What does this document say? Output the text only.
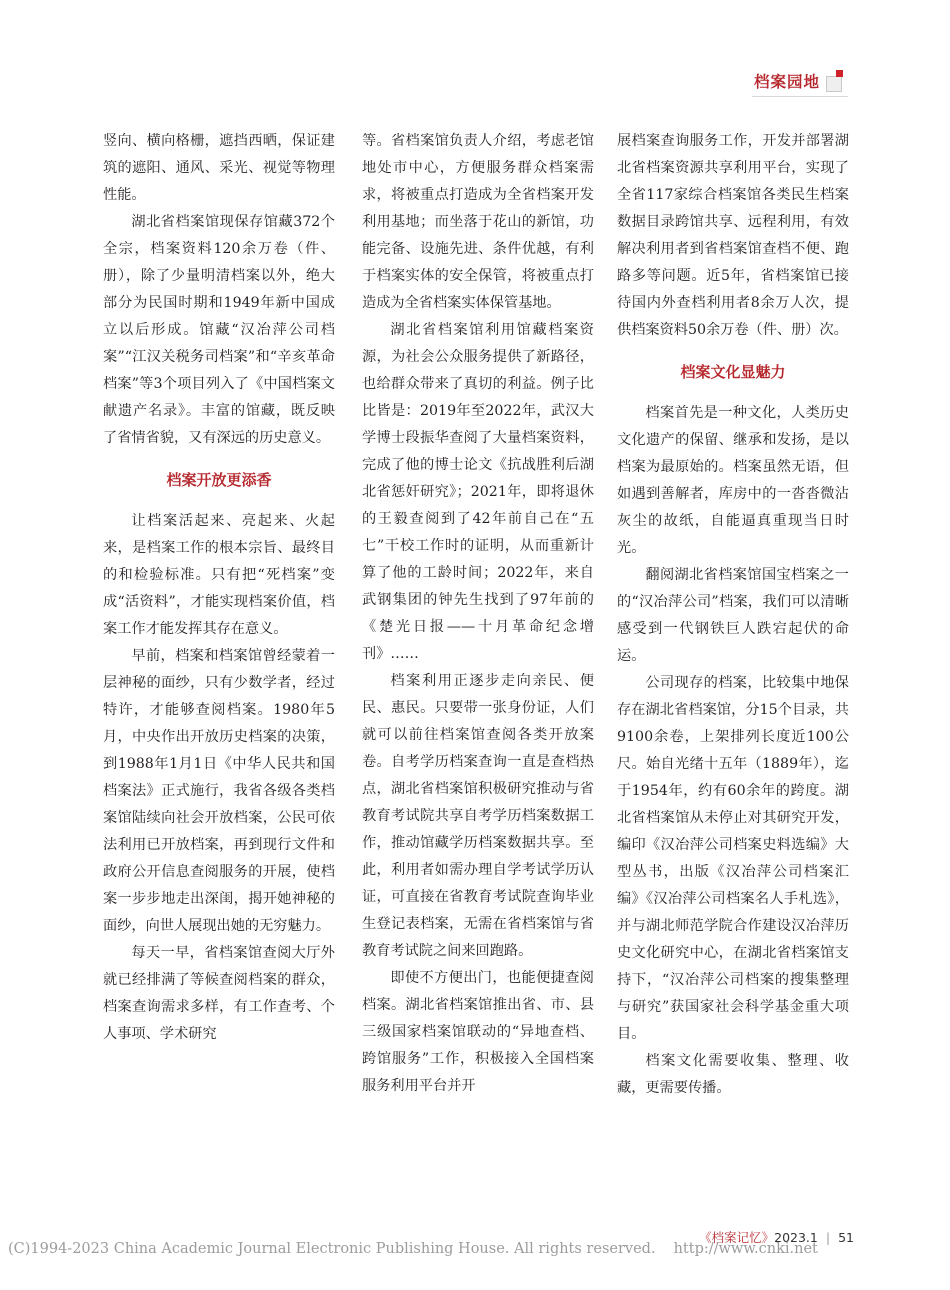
档案园地

竖向、横向格栅，遮挡西晒，保证建筑的遮阳、通风、采光、视觉等物理性能。

湖北省档案馆现保存馆藏372个全宗，档案资料120余万卷（件、册），除了少量明清档案以外，绝大部分为民国时期和1949年新中国成立以后形成。馆藏“汉冶萍公司档案”“江汉关税务司档案”和“辛亥革命档案”等3个项目列入了《中国档案文献遗产名录》。丰富的馆藏，既反映了省情省貌，又有深远的历史意义。

档案开放更添香

让档案活起来、亮起来、火起来，是档案工作的根本宗旨、最终目的和检验标准。只有把“死档案”变成“活资料”，才能实现档案价值，档案工作才能发挥其存在意义。

早前，档案和档案馆曾经蒙着一层神秘的面纱，只有少数学者，经过特许，才能够查阅档案。1980年5月，中央作出开放历史档案的决策，到1988年1月1日《中华人民共和国档案法》正式施行，我省各级各类档案馆陆续向社会开放档案，公民可依法利用已开放档案，再到现行文件和政府公开信息查阅服务的开展，使档案一步步地走出深闺，揭开她神秘的面纱，向世人展现出她的无穷魅力。

每天一早，省档案馆查阅大厅外就已经排满了等候查阅档案的群众，档案查询需求多样，有工作查考、个人事项、学术研究

等。省档案馆负责人介绍，考虑老馆地处市中心，方便服务群众档案需求，将被重点打造成为全省档案开发利用基地；而坐落于花山的新馆，功能完备、设施先进、条件优越，有利于档案实体的安全保管，将被重点打造成为全省档案实体保管基地。

湖北省档案馆利用馆藏档案资源，为社会公众服务提供了新路径，也给群众带来了真切的利益。例子比比皆是：2019年至2022年，武汉大学博士段振华查阅了大量档案资料，完成了他的博士论文《抗战胜利后湖北省惩奸研究》；2021年，即将退休的王毅查阅到了42年前自己在“五七”干校工作时的证明，从而重新计算了他的工龄时间；2022年，来自武钢集团的钟先生找到了97年前的《楚光日报——十月革命纪念增刊》……

档案利用正逐步走向亲民、便民、惠民。只要带一张身份证，人们就可以前往档案馆查阅各类开放案卷。自考学历档案查询一直是查档热点，湖北省档案馆积极研究推动与省教育考试院共享自考学历档案数据工作，推动馆藏学历档案数据共享。至此，利用者如需办理自学考试学历认证，可直接在省教育考试院查询毕业生登记表档案，无需在省档案馆与省教育考试院之间来回跑路。

即使不方便出门，也能便捷查阅档案。湖北省档案馆推出省、市、县三级国家档案馆联动的“异地查档、跨馆服务”工作，积极接入全国档案服务利用平台并开

展档案查询服务工作，开发并部署湖北省档案资源共享利用平台，实现了全省117家综合档案馆各类民生档案数据目录跨馆共享、远程利用，有效解决利用者到省档案馆查档不便、跑路多等问题。近5年，省档案馆已接待国内外查档利用者8余万人次，提供档案资料50余万卷（件、册）次。

档案文化显魅力

档案首先是一种文化，人类历史文化遗产的保留、继承和发扬，是以档案为最原始的。档案虽然无语，但如遇到善解者，库房中的一沓沓微沾灰尘的故纸，自能逼真重现当日时光。

翻阅湖北省档案馆国宝档案之一的“汉冶萍公司”档案，我们可以清晰感受到一代钢铁巨人跌宕起伏的命运。

公司现存的档案，比较集中地保存在湖北省档案馆，分15个目录，共9100余卷，上架排列长度近100公尺。始自光绪十五年（1889年），迄于1954年，约有60余年的跨度。湖北省档案馆从未停止对其研究开发，编印《汉冶萍公司档案史料选编》大型丛书，出版《汉冶萍公司档案汇编》《汉冶萍公司档案名人手札选》，并与湖北师范学院合作建设汉冶萍历史文化研究中心，在湖北省档案馆支持下，“汉冶萍公司档案的搜集整理与研究”获国家社会科学基金重大项目。

档案文化需要收集、整理、收藏，更需要传播。

《档案记忆》 2023.1 | 51
(C)1994-2023 China Academic Journal Electronic Publishing House. All rights reserved. http://www.cnki.net
